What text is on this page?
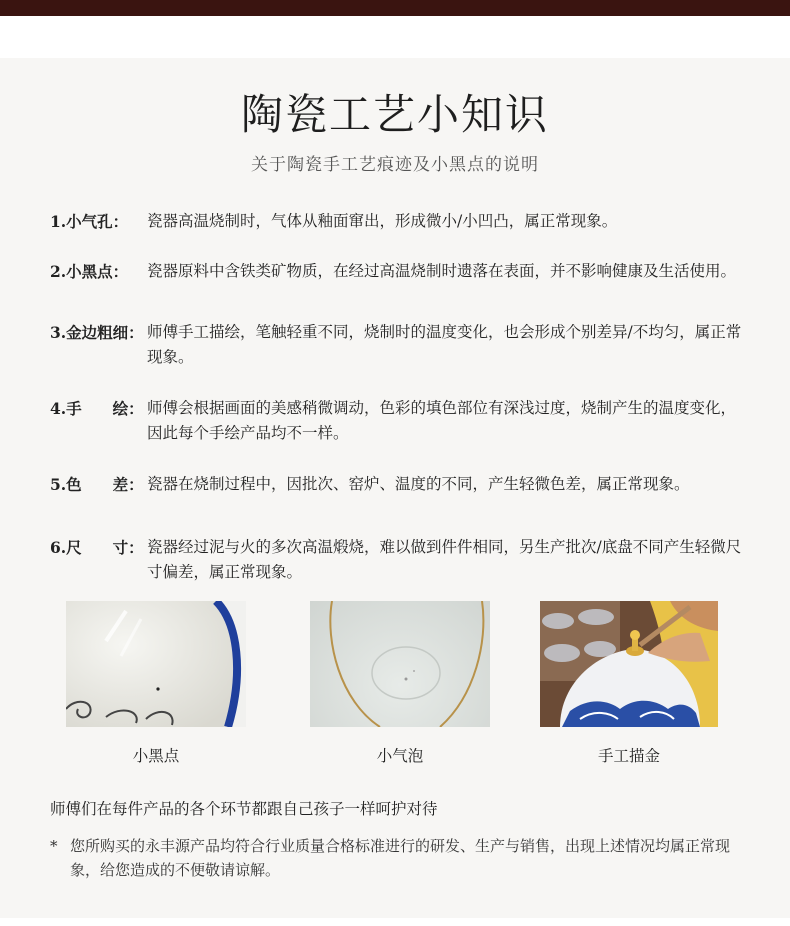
陶瓷工艺小知识
关于陶瓷手工艺痕迹及小黑点的说明
1.小气孔： 瓷器高温烧制时，气体从釉面窜出，形成微小/小凹凸，属正常现象。
2.小黑点： 瓷器原料中含铁类矿物质，在经过高温烧制时遗落在表面，并不影响健康及生活使用。
3.金边粗细： 师傅手工描绘，笔触轻重不同，烧制时的温度变化，也会形成个别差异/不均匀，属正常现象。
4.手　　绘： 师傅会根据画面的美感稍微调动，色彩的填色部位有深浅过度，烧制产生的温度变化，因此每个手绘产品均不一样。
5.色　　差： 瓷器在烧制过程中，因批次、窑炉、温度的不同，产生轻微色差，属正常现象。
6.尺　　寸： 瓷器经过泥与火的多次高温煅烧，难以做到件件相同，另生产批次/底盘不同产生轻微尺寸偏差，属正常现象。
小黑点	小气泡	手工描金
师傅们在每件产品的各个环节都跟自己孩子一样呵护对待
* 您所购买的永丰源产品均符合行业质量合格标准进行的研发、生产与销售，出现上述情况均属正常现象，给您造成的不便敬请谅解。
